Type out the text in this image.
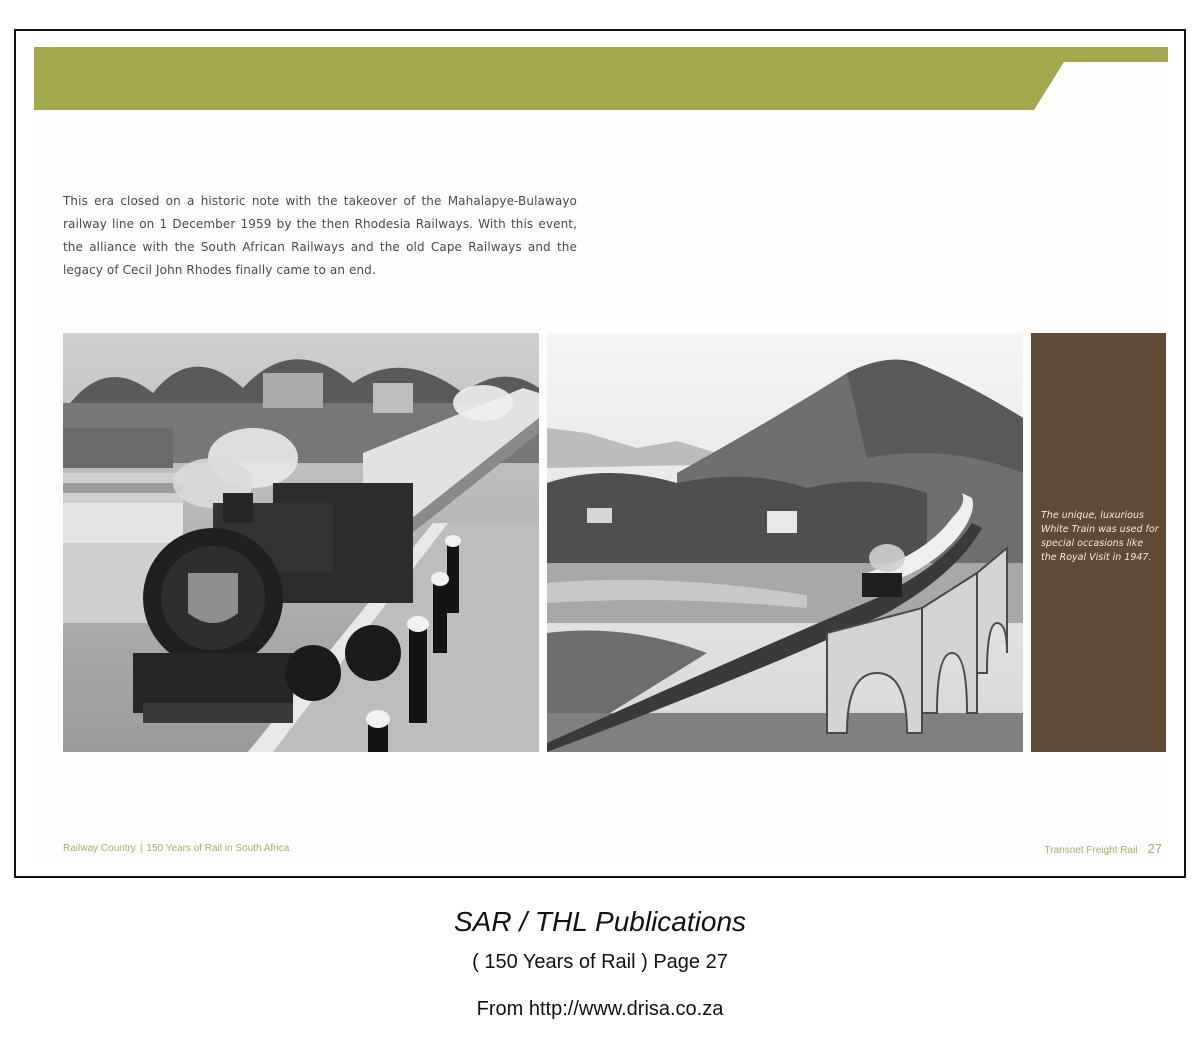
This era closed on a historic note with the takeover of the Mahalapye-Bulawayo railway line on 1 December 1959 by the then Rhodesia Railways. With this event, the alliance with the South African Railways and the old Cape Railways and the legacy of Cecil John Rhodes finally came to an end.

The unique, luxurious White Train was used for special occasions like the Royal Visit in 1947.

Railway Country | 150 Years of Rail in South Africa	Transnet Freight Rail 27
SAR / THL Publications
( 150 Years of Rail ) Page 27
From http://www.drisa.co.za
